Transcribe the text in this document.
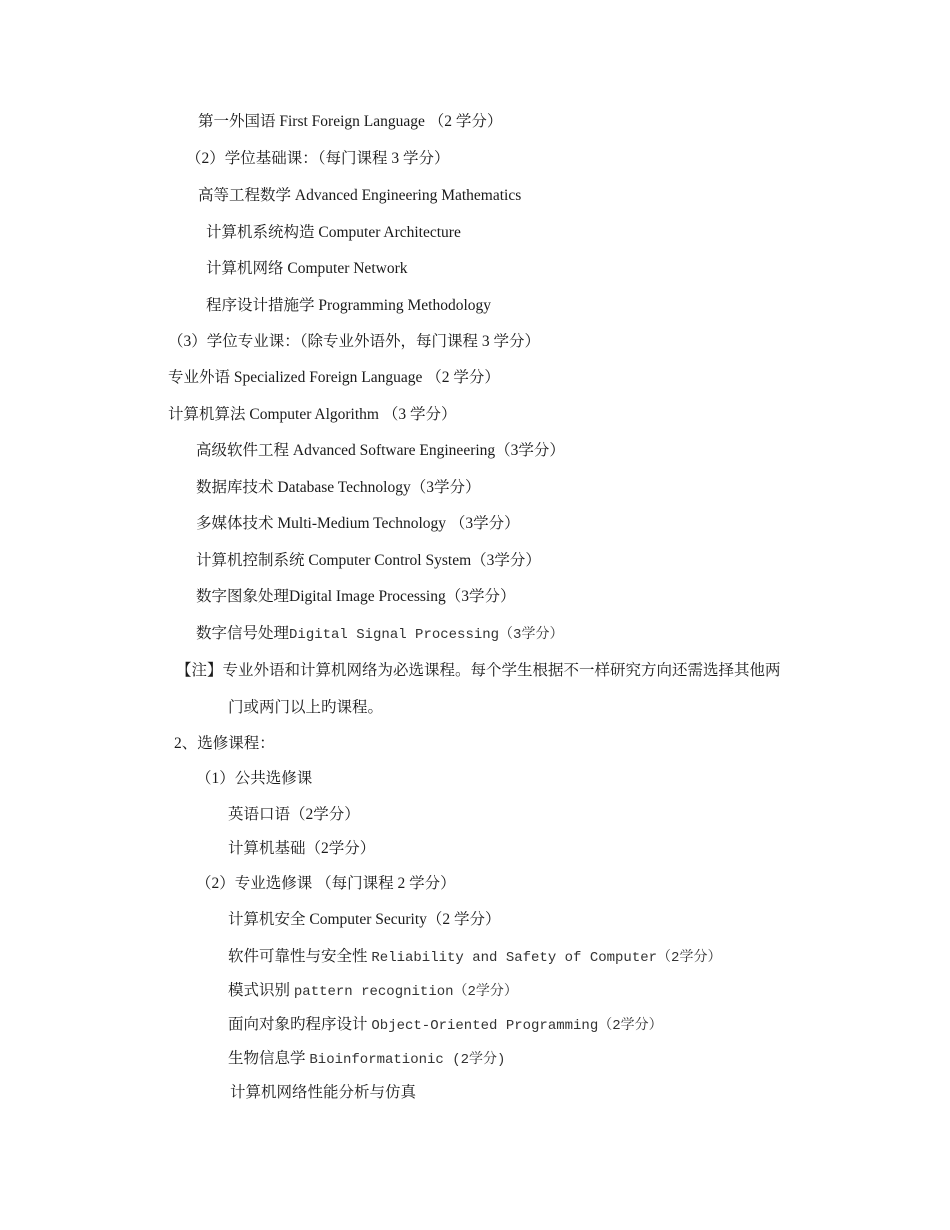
第一外国语 First Foreign Language （2 学分）
（2）学位基础课：（每门课程 3 学分）
高等工程数学 Advanced Engineering Mathematics
计算机系统构造 Computer Architecture
计算机网络 Computer Network
程序设计措施学 Programming Methodology
（3）学位专业课：（除专业外语外，每门课程 3 学分）
专业外语 Specialized Foreign Language （2 学分）
计算机算法 Computer Algorithm （3 学分）
高级软件工程 Advanced Software Engineering（3学分）
数据库技术 Database Technology（3学分）
多媒体技术 Multi-Medium Technology （3学分）
计算机控制系统 Computer Control System（3学分）
数字图象处理Digital Image Processing（3学分）
数字信号处理Digital Signal Processing（3学分）
【注】专业外语和计算机网络为必选课程。每个学生根据不一样研究方向还需选择其他两
门或两门以上旳课程。
2、选修课程：
（1）公共选修课
英语口语（2学分）
计算机基础（2学分）
（2）专业选修课 （每门课程 2 学分）
计算机安全 Computer Security（2 学分）
软件可靠性与安全性 Reliability and Safety of Computer（2学分）
模式识别 pattern recognition（2学分）
面向对象旳程序设计 Object-Oriented Programming（2学分）
生物信息学 Bioinformationic (2学分)
计算机网络性能分析与仿真
